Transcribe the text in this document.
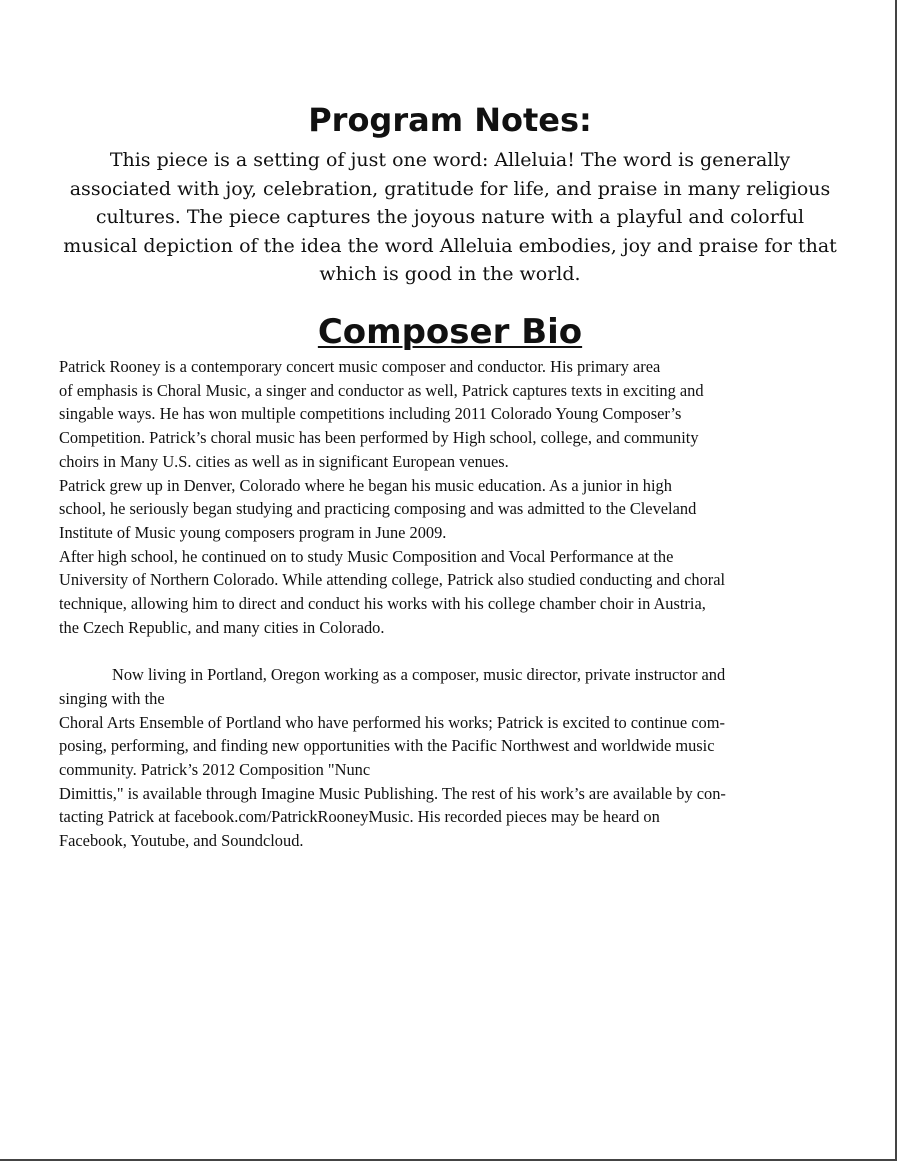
Program Notes:

This piece is a setting of just one word: Alleluia! The word is generally associated with joy, celebration, gratitude for life, and praise in many religious cultures. The piece captures the joyous nature with a playful and colorful musical depiction of the idea the word Alleluia embodies, joy and praise for that which is good in the world.

Composer Bio
Patrick Rooney is a contemporary concert music composer and conductor. His primary area
of emphasis is Choral Music, a singer and conductor as well, Patrick captures texts in exciting and
singable ways. He has won multiple competitions including 2011 Colorado Young Composer’s
Competition. Patrick’s choral music has been performed by High school, college, and community
choirs in Many U.S. cities as well as in significant European venues.
Patrick grew up in Denver, Colorado where he began his music education. As a junior in high
school, he seriously began studying and practicing composing and was admitted to the Cleveland
Institute of Music young composers program in June 2009.
After high school, he continued on to study Music Composition and Vocal Performance at the
University of Northern Colorado. While attending college, Patrick also studied conducting and choral
technique, allowing him to direct and conduct his works with his college chamber choir in Austria,
the Czech Republic, and many cities in Colorado.
Now living in Portland, Oregon working as a composer, music director, private instructor and
singing with the
Choral Arts Ensemble of Portland who have performed his works; Patrick is excited to continue com-
posing, performing, and finding new opportunities with the Pacific Northwest and worldwide music
community. Patrick’s 2012 Composition "Nunc
Dimittis," is available through Imagine Music Publishing. The rest of his work’s are available by con-
tacting Patrick at facebook.com/PatrickRooneyMusic. His recorded pieces may be heard on
Facebook, Youtube, and Soundcloud.
